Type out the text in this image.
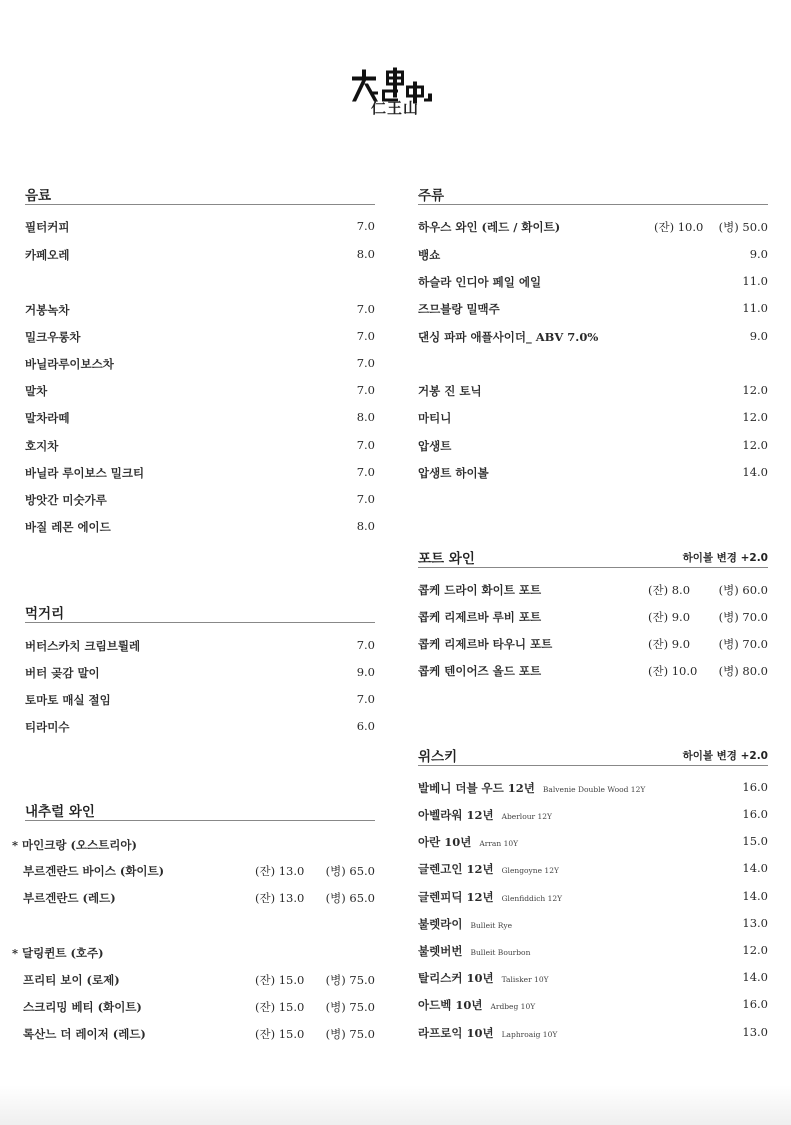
仁王山
음료
필터커피	7.0
카페오레	8.0
거봉녹차	7.0
밀크우롱차	7.0
바닐라루이보스차	7.0
말차	7.0
말차라떼	8.0
호지차	7.0
바닐라 루이보스 밀크티	7.0
방앗간 미숫가루	7.0
바질 레몬 에이드	8.0
먹거리
버터스카치 크림브륄레	7.0
버터 곶감 말이	9.0
토마토 매실 절임	7.0
티라미수	6.0
내추럴 와인
* 마인크랑 (오스트리아)
부르겐란드 바이스 (화이트)	(잔) 13.0 (병) 65.0
부르겐란드 (레드)	(잔) 13.0 (병) 65.0
* 달링퀸트 (호주)
프리티 보이 (로제)	(잔) 15.0 (병) 75.0
스크리밍 베티 (화이트)	(잔) 15.0 (병) 75.0
록산느 더 레이저 (레드)	(잔) 15.0 (병) 75.0
주류
하우스 와인 (레드 / 화이트)	(잔) 10.0 (병) 50.0
뱅쇼	9.0
하슬라 인디아 페일 에일	11.0
즈므블랑 밀맥주	11.0
댄싱 파파 애플사이더_ ABV 7.0%	9.0
거봉 진 토닉	12.0
마티니	12.0
압생트	12.0
압생트 하이볼	14.0
포트 와인	하이볼 변경 +2.0
콥케 드라이 화이트 포트	(잔) 8.0 (병) 60.0
콥케 리제르바 루비 포트	(잔) 9.0 (병) 70.0
콥케 리제르바 타우니 포트	(잔) 9.0 (병) 70.0
콥케 텐이어즈 올드 포트	(잔) 10.0 (병) 80.0
위스키	하이볼 변경 +2.0
발베니 더블 우드 12년 Balvenie Double Wood 12Y	16.0
아벨라워 12년 Aberlour 12Y	16.0
아란 10년 Arran 10Y	15.0
글렌고인 12년 Glengoyne 12Y	14.0
글렌피딕 12년 Glenfiddich 12Y	14.0
불렛라이 Bulleit Rye	13.0
불렛버번 Bulleit Bourbon	12.0
탈리스커 10년 Talisker 10Y	14.0
아드벡 10년 Ardbeg 10Y	16.0
라프로익 10년 Laphroaig 10Y	13.0
